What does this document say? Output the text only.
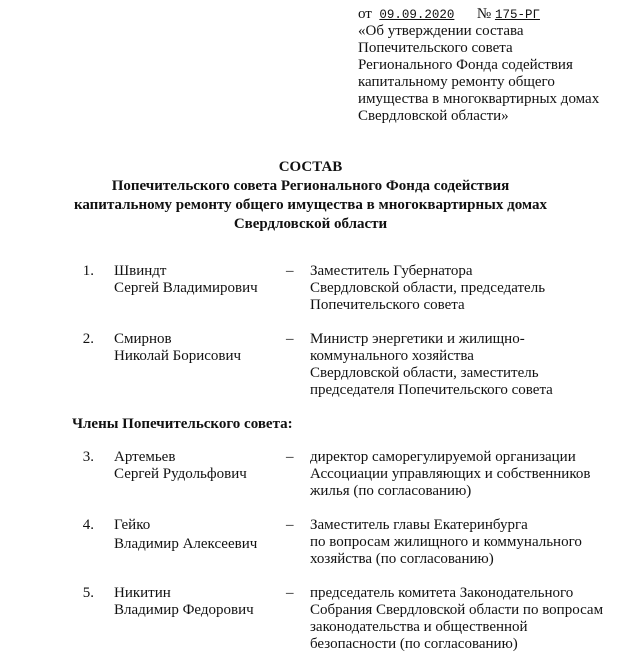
от 09.09.2020 № 175-РГ
«Об утверждении состава
Попечительского совета
Регионального Фонда содействия
капитальному ремонту общего
имущества в многоквартирных домах
Свердловской области»
СОСТАВ
Попечительского совета Регионального Фонда содействия
капитальному ремонту общего имущества в многоквартирных домах
Свердловской области
1. Швиндт
Сергей Владимирович
– Заместитель Губернатора
Свердловской области, председатель
Попечительского совета
2. Смирнов
Николай Борисович
– Министр энергетики и жилищно-
коммунального хозяйства
Свердловской области, заместитель
председателя Попечительского совета
Члены Попечительского совета:
3. Артемьев
Сергей Рудольфович
– директор саморегулируемой организации
Ассоциации управляющих и собственников
жилья (по согласованию)
4. Гейко
Владимир Алексеевич
– Заместитель главы Екатеринбурга
по вопросам жилищного и коммунального
хозяйства (по согласованию)
5. Никитин
Владимир Федорович
– председатель комитета Законодательного
Собрания Свердловской области по вопросам
законодательства и общественной
безопасности (по согласованию)
